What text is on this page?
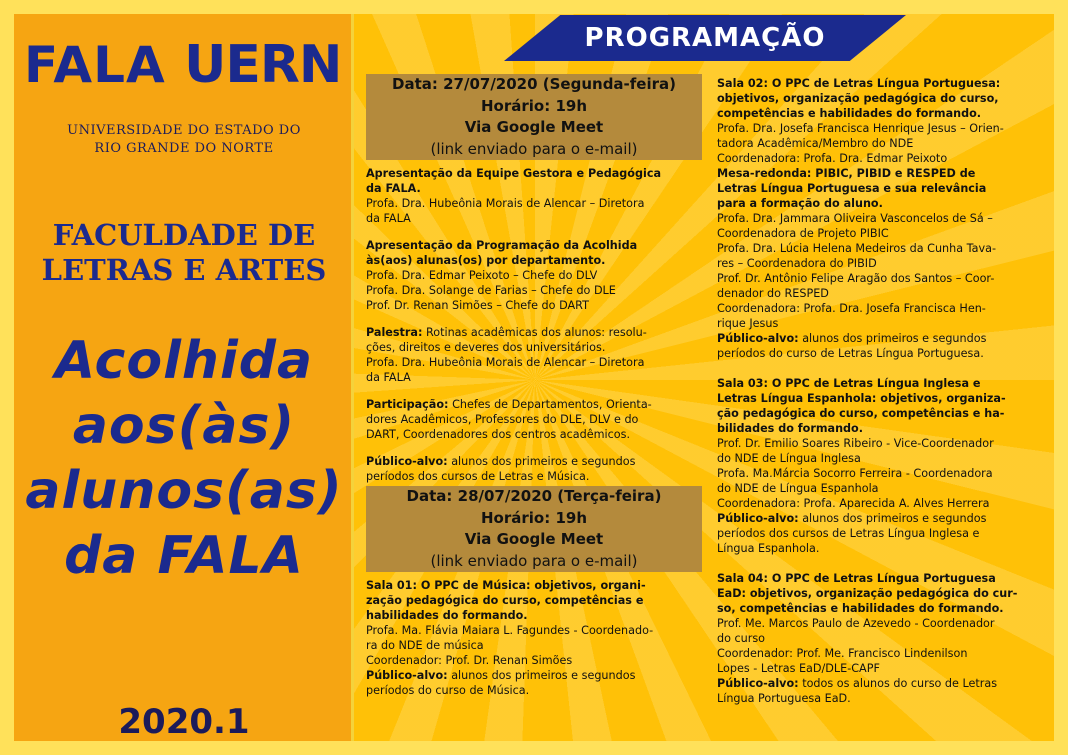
FALA UERN
UNIVERSIDADE DO ESTADO DO
RIO GRANDE DO NORTE
FACULDADE DE
LETRAS E ARTES
Acolhida
aos(às)
alunos(as)
da FALA
2020.1
PROGRAMAÇÃO
Data: 27/07/2020 (Segunda-feira)
Horário: 19h
Via Google Meet
(link enviado para o e-mail)
Apresentação da Equipe Gestora e Pedagógica
da FALA.
Profa. Dra. Hubeônia Morais de Alencar – Diretora
da FALA
Apresentação da Programação da Acolhida
às(aos) alunas(os) por departamento.
Profa. Dra. Edmar Peixoto – Chefe do DLV
Profa. Dra. Solange de Farias – Chefe do DLE
Prof. Dr. Renan Simões – Chefe do DART
Palestra: Rotinas acadêmicas dos alunos: resolu-
ções, direitos e deveres dos universitários.
Profa. Dra. Hubeônia Morais de Alencar – Diretora
da FALA
Participação: Chefes de Departamentos, Orienta-
dores Acadêmicos, Professores do DLE, DLV e do
DART, Coordenadores dos centros acadêmicos.
Público-alvo: alunos dos primeiros e segundos
períodos dos cursos de Letras e Música.
Data: 28/07/2020 (Terça-feira)
Horário: 19h
Via Google Meet
(link enviado para o e-mail)
Sala 01: O PPC de Música: objetivos, organi-
zação pedagógica do curso, competências e
habilidades do formando.
Profa. Ma. Flávia Maiara L. Fagundes - Coordenado-
ra do NDE de música
Coordenador: Prof. Dr. Renan Simões
Público-alvo: alunos dos primeiros e segundos
períodos do curso de Música.
Sala 02: O PPC de Letras Língua Portuguesa:
objetivos, organização pedagógica do curso,
competências e habilidades do formando.
Profa. Dra. Josefa Francisca Henrique Jesus – Orien-
tadora Acadêmica/Membro do NDE
Coordenadora: Profa. Dra. Edmar Peixoto
Mesa-redonda: PIBIC, PIBID e RESPED de
Letras Língua Portuguesa e sua relevância
para a formação do aluno.
Profa. Dra. Jammara Oliveira Vasconcelos de Sá –
Coordenadora de Projeto PIBIC
Profa. Dra. Lúcia Helena Medeiros da Cunha Tava-
res – Coordenadora do PIBID
Prof. Dr. Antônio Felipe Aragão dos Santos – Coor-
denador do RESPED
Coordenadora: Profa. Dra. Josefa Francisca Hen-
rique Jesus
Público-alvo: alunos dos primeiros e segundos
períodos do curso de Letras Língua Portuguesa.
Sala 03: O PPC de Letras Língua Inglesa e
Letras Língua Espanhola: objetivos, organiza-
ção pedagógica do curso, competências e ha-
bilidades do formando.
Prof. Dr. Emilio Soares Ribeiro - Vice-Coordenador
do NDE de Língua Inglesa
Profa. Ma.Márcia Socorro Ferreira - Coordenadora
do NDE de Língua Espanhola
Coordenadora: Profa. Aparecida A. Alves Herrera
Público-alvo: alunos dos primeiros e segundos
períodos dos cursos de Letras Língua Inglesa e
Língua Espanhola.
Sala 04: O PPC de Letras Língua Portuguesa
EaD: objetivos, organização pedagógica do cur-
so, competências e habilidades do formando.
Prof. Me. Marcos Paulo de Azevedo - Coordenador
do curso
Coordenador: Prof. Me. Francisco Lindenilson
Lopes - Letras EaD/DLE-CAPF
Público-alvo: todos os alunos do curso de Letras
Língua Portuguesa EaD.
